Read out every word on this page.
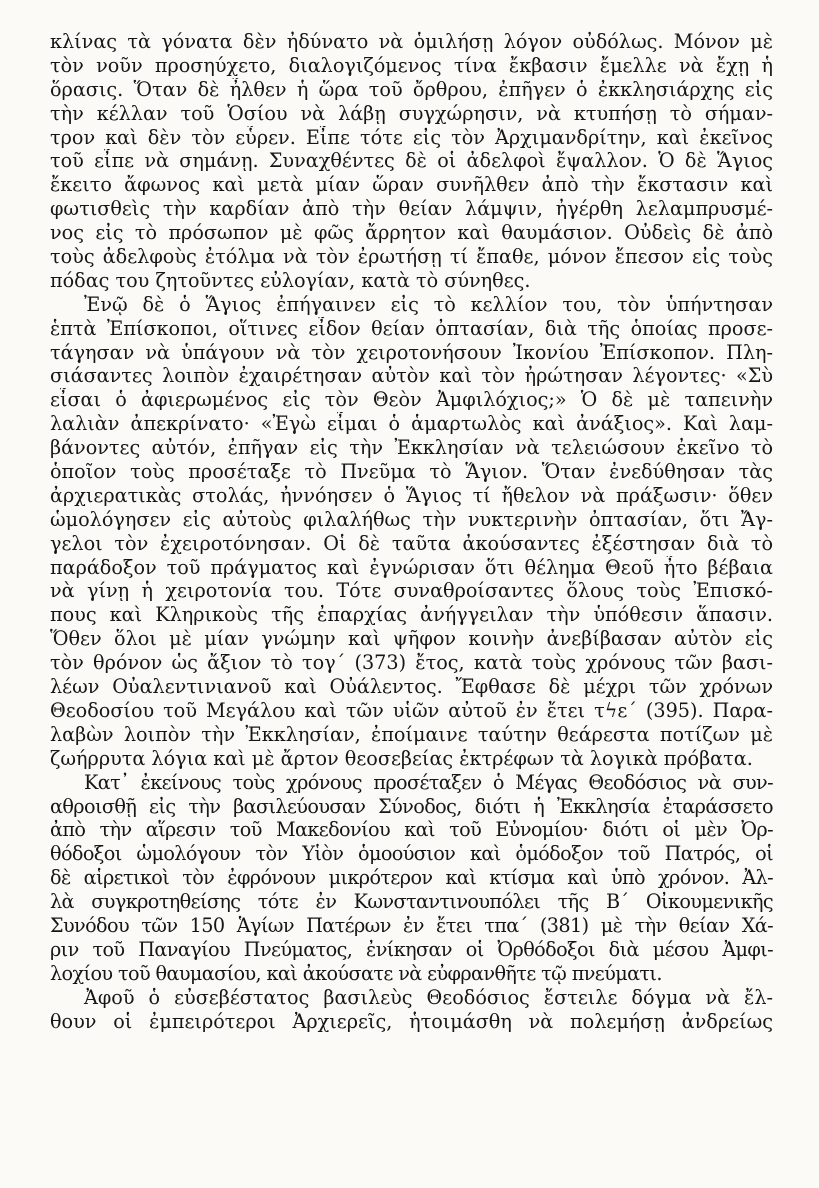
κλίνας τὰ γόνατα δὲν ἠδύνατο νὰ ὁμιλήσῃ λόγον οὐδόλως. Μόνον μὲ
τὸν νοῦν προσηύχετο, διαλογιζόμενος τίνα ἔκβασιν ἔμελλε νὰ ἔχῃ ἡ
ὅρασις. Ὅταν δὲ ἦλθεν ἡ ὥρα τοῦ ὄρθρου, ἐπῆγεν ὁ ἐκκλησιάρχης εἰς
τὴν κέλλαν τοῦ Ὁσίου νὰ λάβῃ συγχώρησιν, νὰ κτυπήσῃ τὸ σήμαν-
τρον καὶ δὲν τὸν εὗρεν. Εἶπε τότε εἰς τὸν Ἀρχιμανδρίτην, καὶ ἐκεῖνος
τοῦ εἶπε νὰ σημάνῃ. Συναχθέντες δὲ οἱ ἀδελφοὶ ἔψαλλον. Ὁ δὲ Ἅγιος
ἔκειτο ἄφωνος καὶ μετὰ μίαν ὥραν συνῆλθεν ἀπὸ τὴν ἔκστασιν καὶ
φωτισθεὶς τὴν καρδίαν ἀπὸ τὴν θείαν λάμψιν, ἠγέρθη λελαμπρυσμέ-
νος εἰς τὸ πρόσωπον μὲ φῶς ἄρρητον καὶ θαυμάσιον. Οὐδεὶς δὲ ἀπὸ
τοὺς ἀδελφοὺς ἐτόλμα νὰ τὸν ἐρωτήσῃ τί ἔπαθε, μόνον ἔπεσον εἰς τοὺς
πόδας του ζητοῦντες εὐλογίαν, κατὰ τὸ σύνηθες.
Ἐνῷ δὲ ὁ Ἅγιος ἐπήγαινεν εἰς τὸ κελλίον του, τὸν ὑπήντησαν
ἑπτὰ Ἐπίσκοποι, οἵτινες εἶδον θείαν ὀπτασίαν, διὰ τῆς ὁποίας προσε-
τάγησαν νὰ ὑπάγουν νὰ τὸν χειροτονήσουν Ἰκονίου Ἐπίσκοπον. Πλη-
σιάσαντες λοιπὸν ἐχαιρέτησαν αὐτὸν καὶ τὸν ἠρώτησαν λέγοντες· «Σὺ
εἶσαι ὁ ἀφιερωμένος εἰς τὸν Θεὸν Ἀμφιλόχιος;» Ὁ δὲ μὲ ταπεινὴν
λαλιὰν ἀπεκρίνατο· «Ἐγὼ εἶμαι ὁ ἁμαρτωλὸς καὶ ἀνάξιος». Καὶ λαμ-
βάνοντες αὐτόν, ἐπῆγαν εἰς τὴν Ἐκκλησίαν νὰ τελειώσουν ἐκεῖνο τὸ
ὁποῖον τοὺς προσέταξε τὸ Πνεῦμα τὸ Ἅγιον. Ὅταν ἐνεδύθησαν τὰς
ἀρχιερατικὰς στολάς, ἠννόησεν ὁ Ἅγιος τί ἤθελον νὰ πράξωσιν· ὅθεν
ὡμολόγησεν εἰς αὐτοὺς φιλαλήθως τὴν νυκτερινὴν ὀπτασίαν, ὅτι Ἄγ-
γελοι τὸν ἐχειροτόνησαν. Οἱ δὲ ταῦτα ἀκούσαντες ἐξέστησαν διὰ τὸ
παράδοξον τοῦ πράγματος καὶ ἐγνώρισαν ὅτι θέλημα Θεοῦ ἦτο βέβαια
νὰ γίνῃ ἡ χειροτονία του. Τότε συναθροίσαντες ὅλους τοὺς Ἐπισκό-
πους καὶ Κληρικοὺς τῆς ἐπαρχίας ἀνήγγειλαν τὴν ὑπόθεσιν ἅπασιν.
Ὅθεν ὅλοι μὲ μίαν γνώμην καὶ ψῆφον κοινὴν ἀνεβίβασαν αὐτὸν εἰς
τὸν θρόνον ὡς ἄξιον τὸ τογ΄ (373) ἔτος, κατὰ τοὺς χρόνους τῶν βασι-
λέων Οὐαλεντινιανοῦ καὶ Οὐάλεντος. Ἔφθασε δὲ μέχρι τῶν χρόνων
Θεοδοσίου τοῦ Μεγάλου καὶ τῶν υἱῶν αὐτοῦ ἐν ἔτει τϟε΄ (395). Παρα-
λαβὼν λοιπὸν τὴν Ἐκκλησίαν, ἐποίμαινε ταύτην θεάρεστα ποτίζων μὲ
ζωήρρυτα λόγια καὶ μὲ ἄρτον θεοσεβείας ἐκτρέφων τὰ λογικὰ πρόβατα.
Κατ᾽ ἐκείνους τοὺς χρόνους προσέταξεν ὁ Μέγας Θεοδόσιος νὰ συν-
αθροισθῇ εἰς τὴν βασιλεύουσαν Σύνοδος, διότι ἡ Ἐκκλησία ἐταράσσετο
ἀπὸ τὴν αἵρεσιν τοῦ Μακεδονίου καὶ τοῦ Εὐνομίου· διότι οἱ μὲν Ὀρ-
θόδοξοι ὡμολόγουν τὸν Υἱὸν ὁμοούσιον καὶ ὁμόδοξον τοῦ Πατρός, οἱ
δὲ αἱρετικοὶ τὸν ἐφρόνουν μικρότερον καὶ κτίσμα καὶ ὑπὸ χρόνον. Ἀλ-
λὰ συγκροτηθείσης τότε ἐν Κωνσταντινουπόλει τῆς Β΄ Οἰκουμενικῆς
Συνόδου τῶν 150 Ἁγίων Πατέρων ἐν ἔτει τπα΄ (381) μὲ τὴν θείαν Χά-
ριν τοῦ Παναγίου Πνεύματος, ἐνίκησαν οἱ Ὀρθόδοξοι διὰ μέσου Ἀμφι-
λοχίου τοῦ θαυμασίου, καὶ ἀκούσατε νὰ εὐφρανθῆτε τῷ πνεύματι.
Ἀφοῦ ὁ εὐσεβέστατος βασιλεὺς Θεοδόσιος ἔστειλε δόγμα νὰ ἔλ-
θουν οἱ ἐμπειρότεροι Ἀρχιερεῖς, ἡτοιμάσθη νὰ πολεμήσῃ ἀνδρείως
